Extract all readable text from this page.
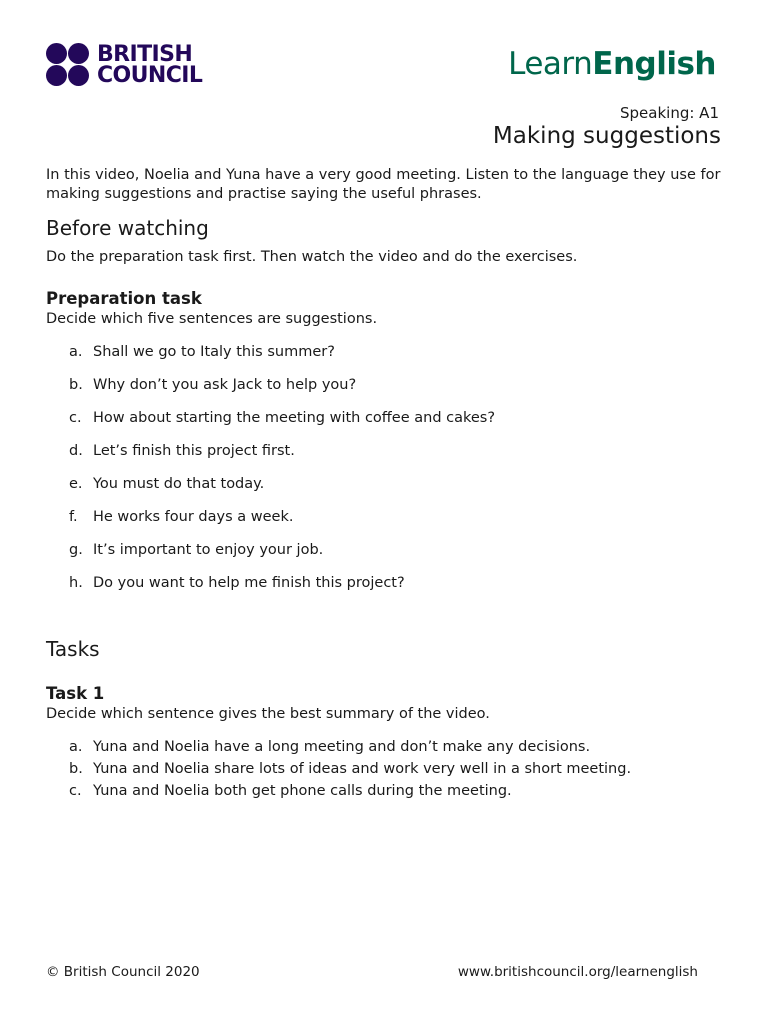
BRITISH
COUNCIL	LearnEnglish
Speaking: A1
Making suggestions

In this video, Noelia and Yuna have a very good meeting. Listen to the language they use for making suggestions and practise saying the useful phrases.

Before watching

Do the preparation task first. Then watch the video and do the exercises.

Preparation task

Decide which five sentences are suggestions.

a. Shall we go to Italy this summer?
b. Why don’t you ask Jack to help you?
c. How about starting the meeting with coffee and cakes?
d. Let’s finish this project first.
e. You must do that today.
f.	He works four days a week.
g. It’s important to enjoy your job.
h. Do you want to help me finish this project?
Tasks
Task 1

Decide which sentence gives the best summary of the video.

a. Yuna and Noelia have a long meeting and don’t make any decisions.
b. Yuna and Noelia share lots of ideas and work very well in a short meeting.
c. Yuna and Noelia both get phone calls during the meeting.
© British Council 2020	www.britishcouncil.org/learnenglish
